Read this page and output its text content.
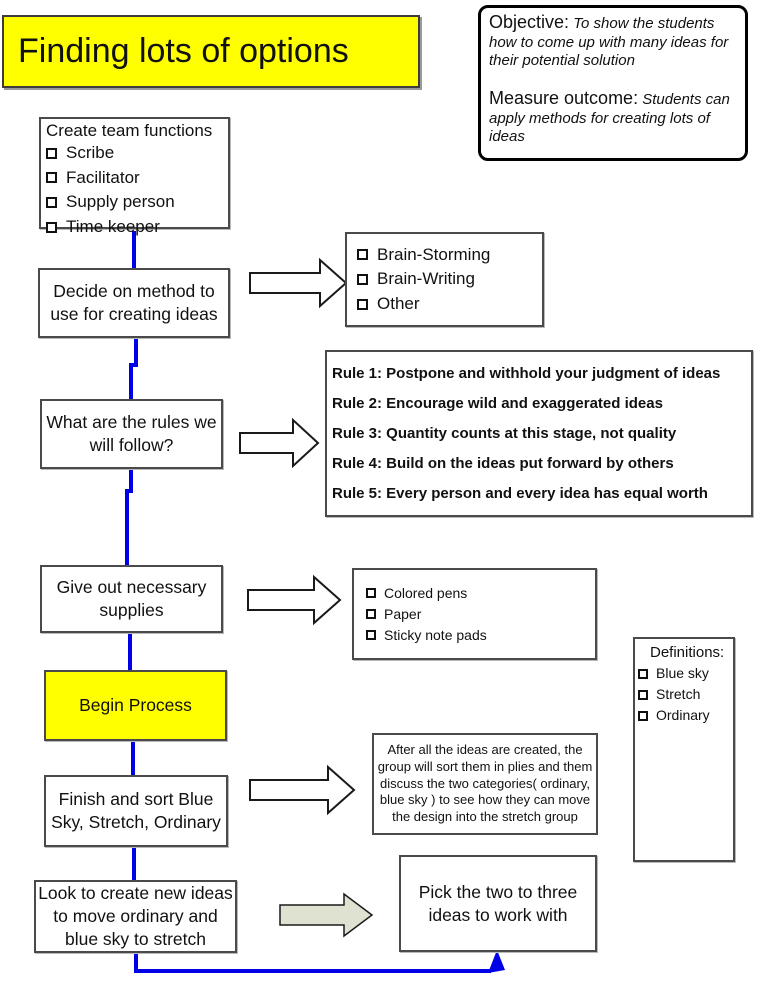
Finding lots of options
Objective: To show the students how to come up with many ideas for their potential solution
Measure outcome: Students can apply methods for creating lots of ideas
Create team functions
Scribe
Facilitator
Supply person
Time keeper
Decide on method to use for creating ideas
What are the rules we will follow?
Give out necessary supplies
Begin Process
Finish and sort Blue Sky, Stretch, Ordinary
Look to create new ideas to move ordinary and blue sky to stretch
Brain-Storming
Brain-Writing
Other
Rule 1: Postpone and withhold your judgment of ideas
Rule 2: Encourage wild and exaggerated ideas
Rule 3: Quantity counts at this stage, not quality
Rule 4: Build on the ideas put forward by others
Rule 5: Every person and every idea has equal worth
Colored pens
Paper
Sticky note pads
Definitions:
Blue sky
Stretch
Ordinary
After all the ideas are created, the group will sort them in plies and them discuss the two categories( ordinary, blue sky ) to see how they can move the design into the stretch group
Pick the two to three ideas to work with
